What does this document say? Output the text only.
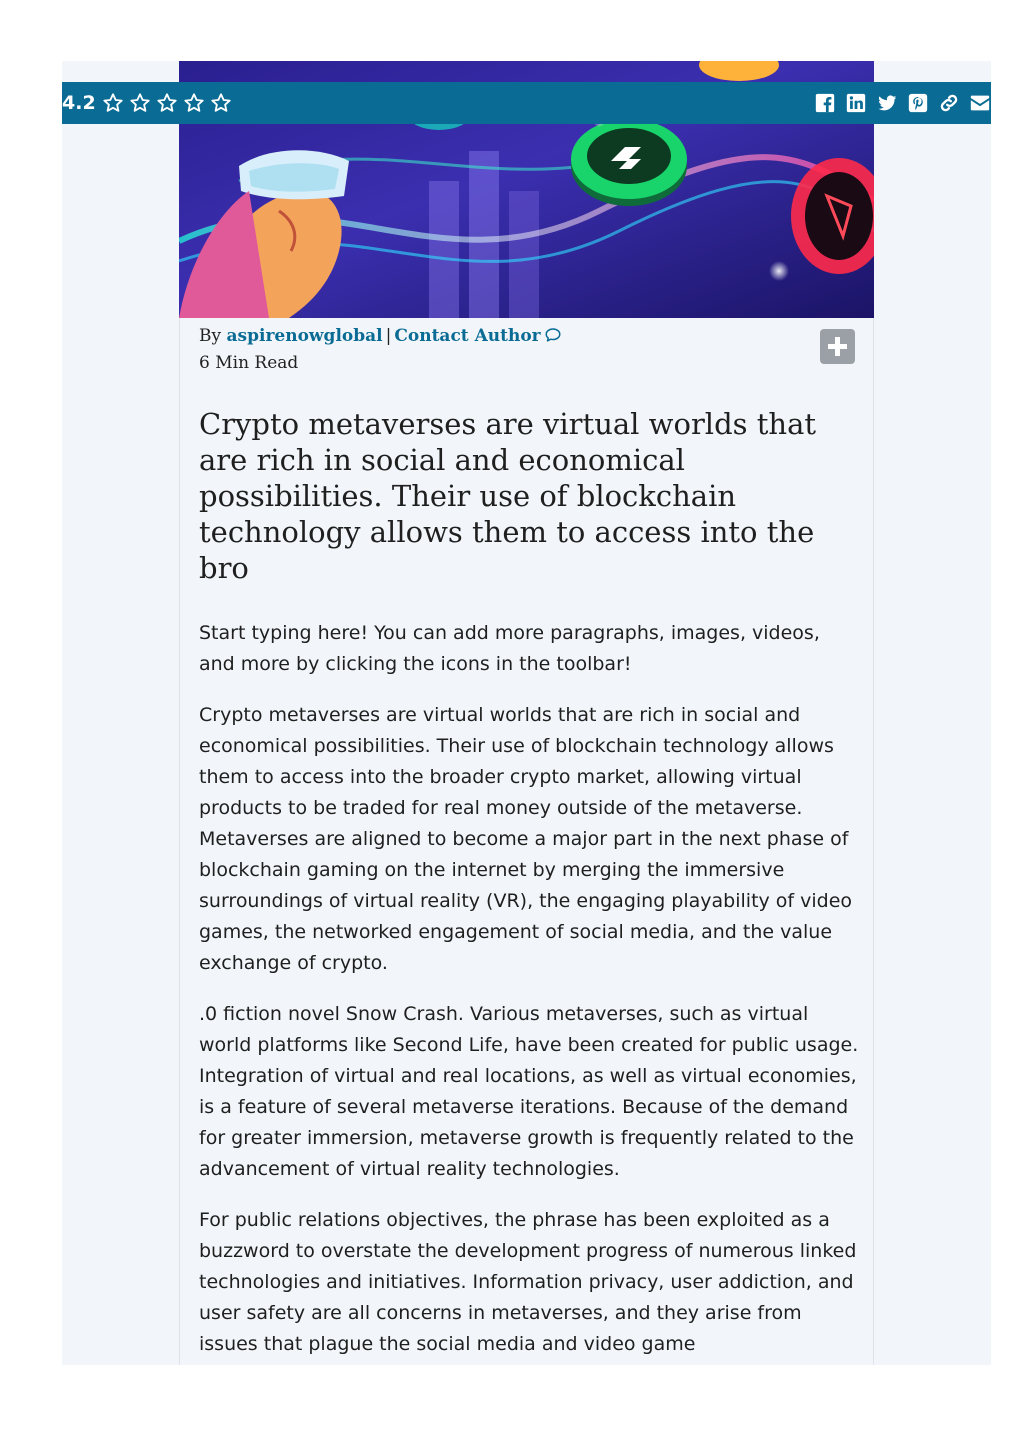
4.2
By aspirenowglobal | Contact Author
6 Min Read
Crypto metaverses are virtual worlds that are rich in social and economical possibilities. Their use of blockchain technology allows them to access into the bro

Start typing here! You can add more paragraphs, images, videos, and more by clicking the icons in the toolbar!

Crypto metaverses are virtual worlds that are rich in social and economical possibilities. Their use of blockchain technology allows them to access into the broader crypto market, allowing virtual products to be traded for real money outside of the metaverse. Metaverses are aligned to become a major part in the next phase of blockchain gaming on the internet by merging the immersive surroundings of virtual reality (VR), the engaging playability of video games, the networked engagement of social media, and the value exchange of crypto.

.0 fiction novel Snow Crash. Various metaverses, such as virtual world platforms like Second Life, have been created for public usage. Integration of virtual and real locations, as well as virtual economies, is a feature of several metaverse iterations. Because of the demand for greater immersion, metaverse growth is frequently related to the advancement of virtual reality technologies.

For public relations objectives, the phrase has been exploited as a buzzword to overstate the development progress of numerous linked technologies and initiatives. Information privacy, user addiction, and user safety are all concerns in metaverses, and they arise from issues that plague the social media and video game
